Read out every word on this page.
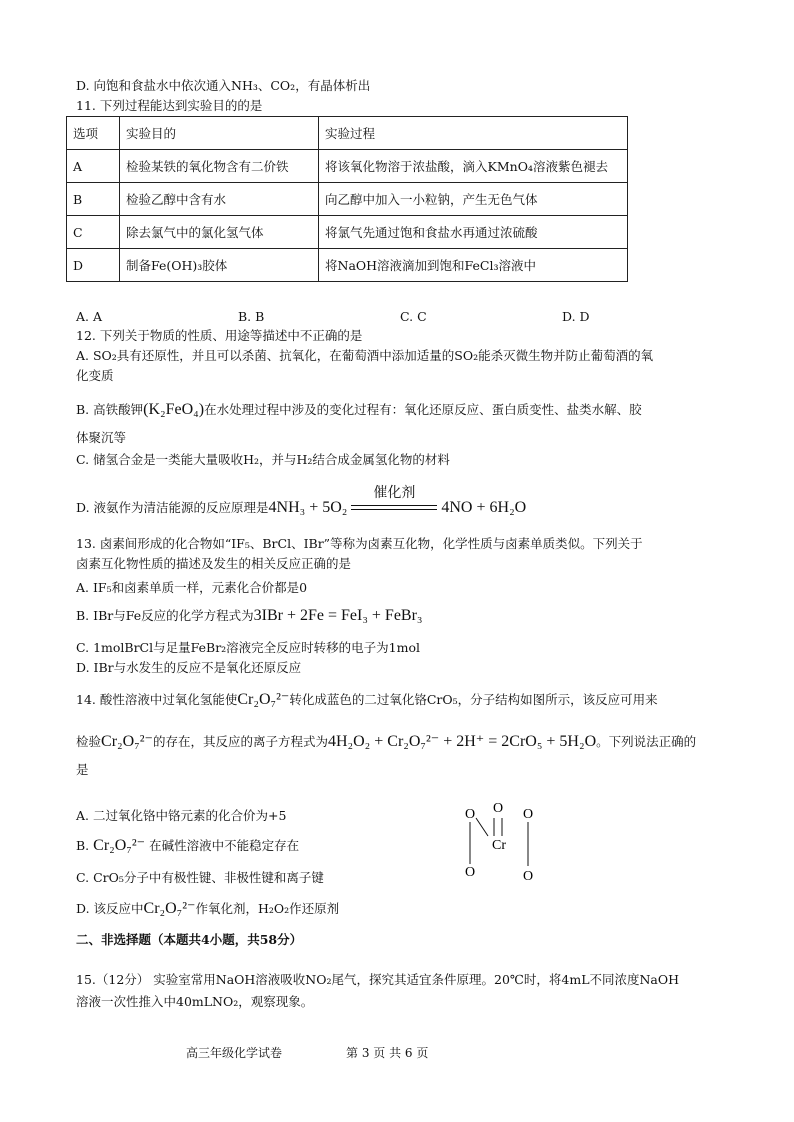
D. 向饱和食盐水中依次通入NH₃、CO₂，有晶体析出
11. 下列过程能达到实验目的的是
选项	实验目的	实验过程
A	检验某铁的氧化物含有二价铁	将该氧化物溶于浓盐酸，滴入KMnO₄溶液紫色褪去
B	检验乙醇中含有水	向乙醇中加入一小粒钠，产生无色气体
C	除去氯气中的氯化氢气体	将氯气先通过饱和食盐水再通过浓硫酸
D	制备Fe(OH)₃胶体	将NaOH溶液滴加到饱和FeCl₃溶液中
A. A	B. B	C. C	D. D
12. 下列关于物质的性质、用途等描述中不正确的是
A. SO₂具有还原性，并且可以杀菌、抗氧化，在葡萄酒中添加适量的SO₂能杀灭微生物并防止葡萄酒的氧
化变质
B. 高铁酸钾(K₂FeO₄)在水处理过程中涉及的变化过程有：氧化还原反应、蛋白质变性、盐类水解、胶
体聚沉等
C. 储氢合金是一类能大量吸收H₂，并与H₂结合成金属氢化物的材料
D. 液氨作为清洁能源的反应原理是4NH₃ + 5O₂
催化剂
4NO + 6H₂O
13. 卤素间形成的化合物如“IF₅、BrCl、IBr”等称为卤素互化物，化学性质与卤素单质类似。下列关于
卤素互化物性质的描述及发生的相关反应正确的是
A. IF₅和卤素单质一样，元素化合价都是0
B. IBr与Fe反应的化学方程式为3IBr + 2Fe = FeI₃ + FeBr₃
C. 1molBrCl与足量FeBr₂溶液完全反应时转移的电子为1mol
D. IBr与水发生的反应不是氧化还原反应
14. 酸性溶液中过氧化氢能使Cr₂O₇²⁻转化成蓝色的二过氧化铬CrO₅，分子结构如图所示，该反应可用来
检验Cr₂O₇²⁻的存在，其反应的离子方程式为4H₂O₂ + Cr₂O₇²⁻ + 2H⁺ = 2CrO₅ + 5H₂O。下列说法正确的
是
A. 二过氧化铬中铬元素的化合价为+5
B. Cr₂O₇²⁻ 在碱性溶液中不能稳定存在
C. CrO₅分子中有极性键、非极性键和离子键
D. 该反应中Cr₂O₇²⁻作氧化剂，H₂O₂作还原剂
O
Cr
O	O
O	O
二、非选择题（本题共4小题，共58分）
15.（12分） 实验室常用NaOH溶液吸收NO₂尾气，探究其适宜条件原理。20℃时，将4mL不同浓度NaOH
溶液一次性推入中40mLNO₂，观察现象。
高三年级化学试卷	第 3 页 共 6 页
